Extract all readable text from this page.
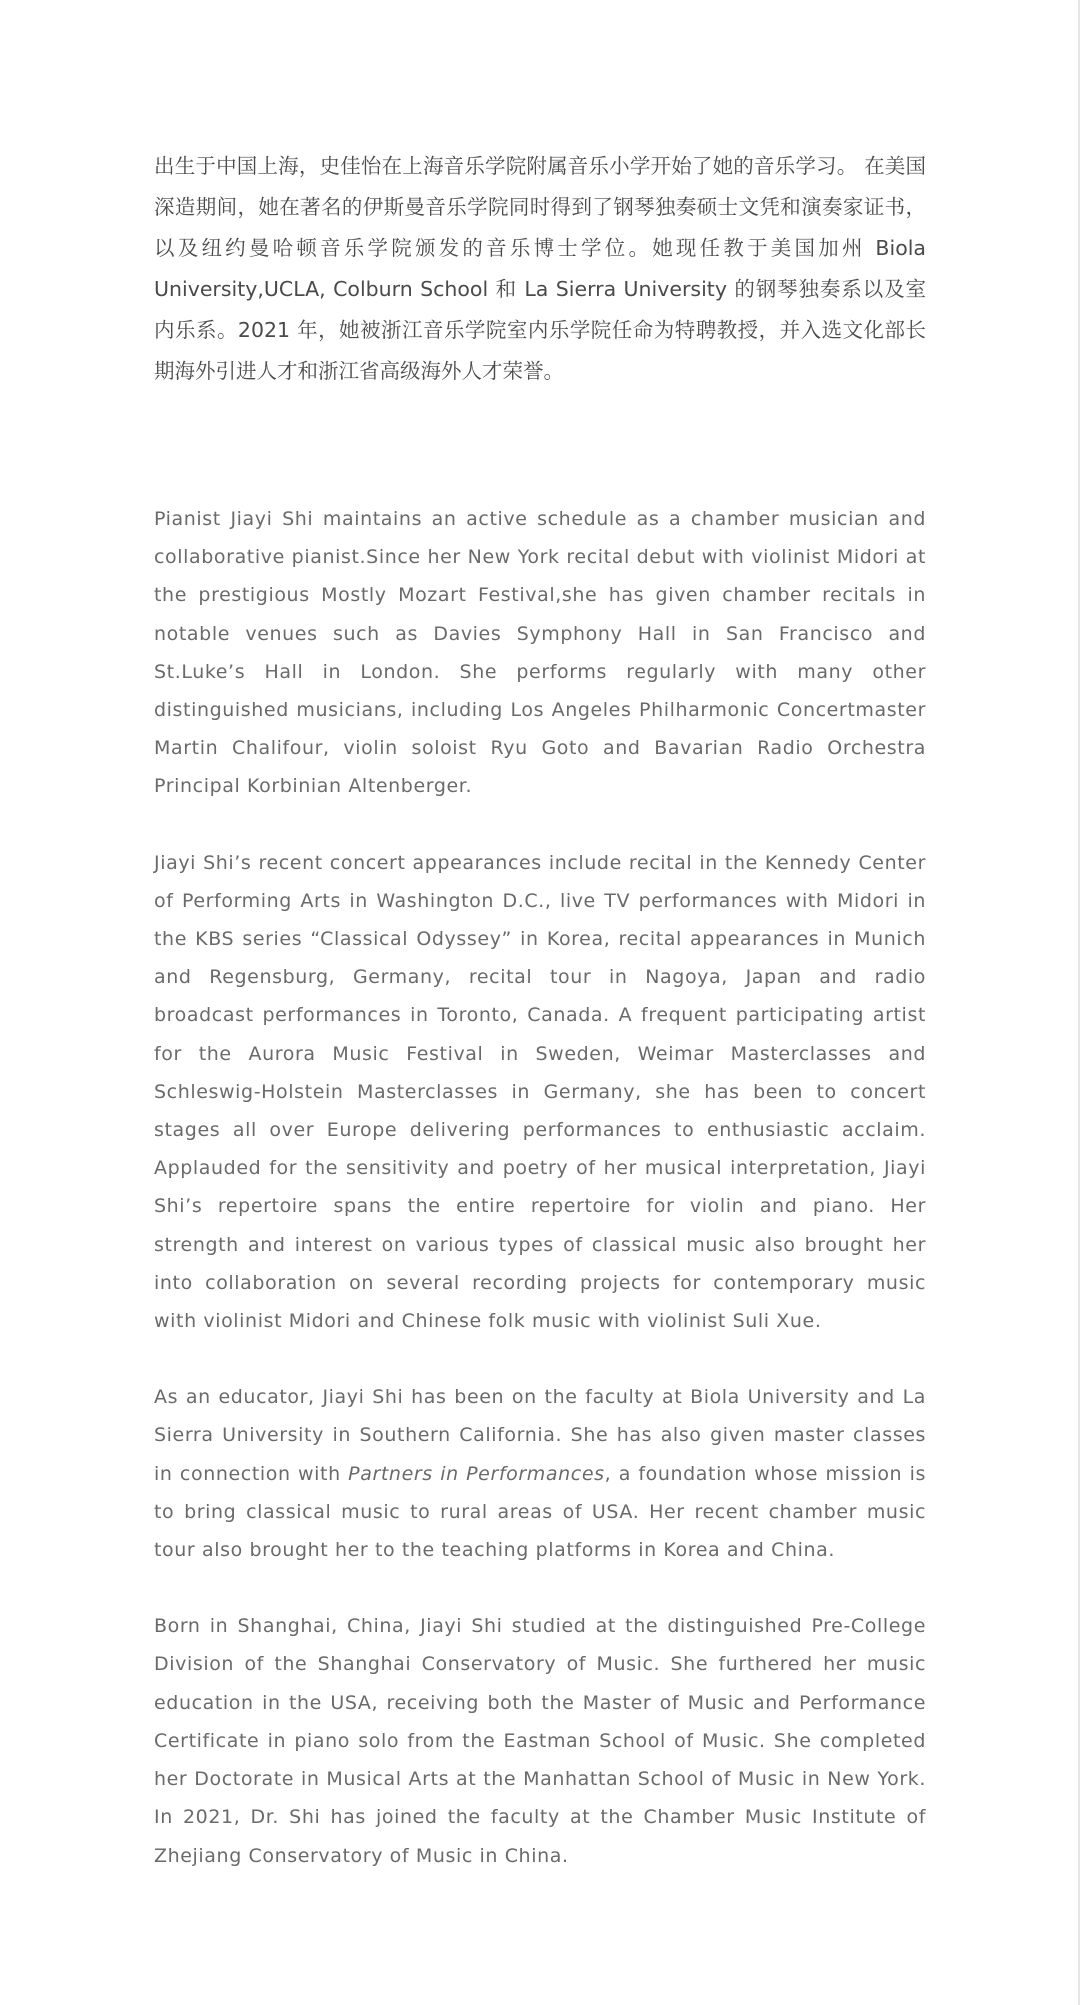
出生于中国上海，史佳怡在上海音乐学院附属音乐小学开始了她的音乐学习。 在美国深造期间，她在著名的伊斯曼音乐学院同时得到了钢琴独奏硕士文凭和演奏家证书， 以及纽约曼哈顿音乐学院颁发的音乐博士学位。她现任教于美国加州 Biola University,UCLA, Colburn School 和 La Sierra University 的钢琴独奏系以及室内乐系。2021 年，她被浙江音乐学院室内乐学院任命为特聘教授，并入选文化部长期海外引进人才和浙江省高级海外人才荣誉。

Pianist Jiayi Shi maintains an active schedule as a chamber musician and collaborative pianist.Since her New York recital debut with violinist Midori at the prestigious Mostly Mozart Festival,she has given chamber recitals in notable venues such as Davies Symphony Hall in San Francisco and St.Luke’s Hall in London. She performs regularly with many other distinguished musicians, including Los Angeles Philharmonic Concertmaster Martin Chalifour, violin soloist Ryu Goto and Bavarian Radio Orchestra Principal Korbinian Altenberger.

Jiayi Shi’s recent concert appearances include recital in the Kennedy Center of Performing Arts in Washington D.C., live TV performances with Midori in the KBS series “Classical Odyssey” in Korea, recital appearances in Munich and Regensburg, Germany, recital tour in Nagoya, Japan and radio broadcast performances in Toronto, Canada. A frequent participating artist for the Aurora Music Festival in Sweden, Weimar Masterclasses and Schleswig-Holstein Masterclasses in Germany, she has been to concert stages all over Europe delivering performances to enthusiastic acclaim. Applauded for the sensitivity and poetry of her musical interpretation, Jiayi Shi’s repertoire spans the entire repertoire for violin and piano. Her strength and interest on various types of classical music also brought her into collaboration on several recording projects for contemporary music with violinist Midori and Chinese folk music with violinist Suli Xue.

As an educator, Jiayi Shi has been on the faculty at Biola University and La Sierra University in Southern California. She has also given master classes in connection with Partners in Performances, a foundation whose mission is to bring classical music to rural areas of USA. Her recent chamber music tour also brought her to the teaching platforms in Korea and China.

Born in Shanghai, China, Jiayi Shi studied at the distinguished Pre-College Division of the Shanghai Conservatory of Music. She furthered her music education in the USA, receiving both the Master of Music and Performance Certificate in piano solo from the Eastman School of Music. She completed her Doctorate in Musical Arts at the Manhattan School of Music in New York. In 2021, Dr. Shi has joined the faculty at the Chamber Music Institute of Zhejiang Conservatory of Music in China.
